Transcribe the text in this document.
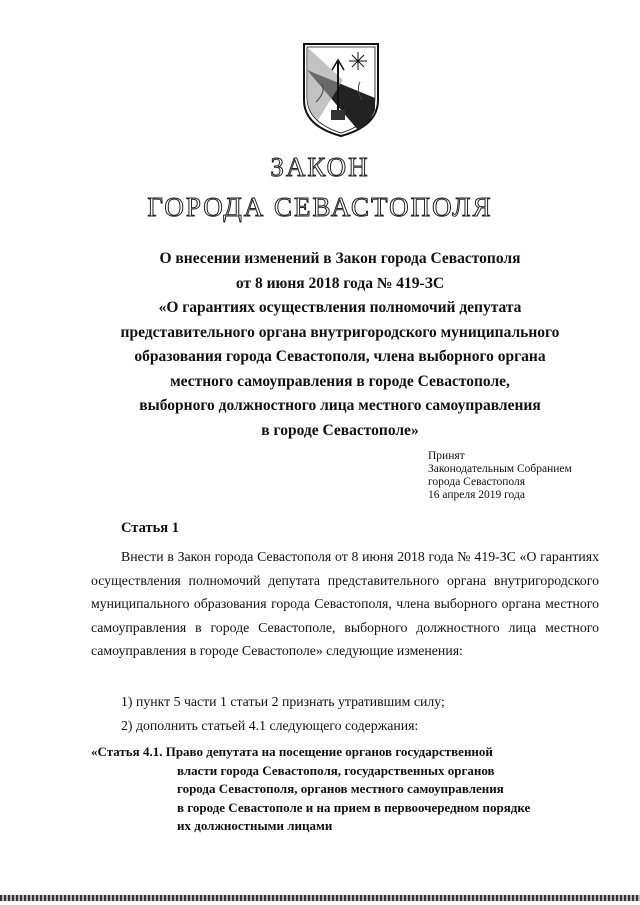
ЗАКОН
ГОРОДА СЕВАСТОПОЛЯ
О внесении изменений в Закон города Севастополя
от 8 июня 2018 года № 419-ЗС
«О гарантиях осуществления полномочий депутата
представительного органа внутригородского муниципального
образования города Севастополя, члена выборного органа
местного самоуправления в городе Севастополе,
выборного должностного лица местного самоуправления
в городе Севастополе»
Принят
Законодательным Собранием
города Севастополя
16 апреля 2019 года
Статья 1
Внести в Закон города Севастополя от 8 июня 2018 года № 419-ЗС «О гарантиях осуществления полномочий депутата представительного органа внутригородского муниципального образования города Севастополя, члена выборного органа местного самоуправления в городе Севастополе, выборного должностного лица местного самоуправления в городе Севастополе» следующие изменения:
1) пункт 5 части 1 статьи 2 признать утратившим силу;
2) дополнить статьей 4.1 следующего содержания:
«Статья 4.1. Право депутата на посещение органов государственной
власти города Севастополя, государственных органов
города Севастополя, органов местного самоуправления
в городе Севастополе и на прием в первоочередном порядке
их должностными лицами
